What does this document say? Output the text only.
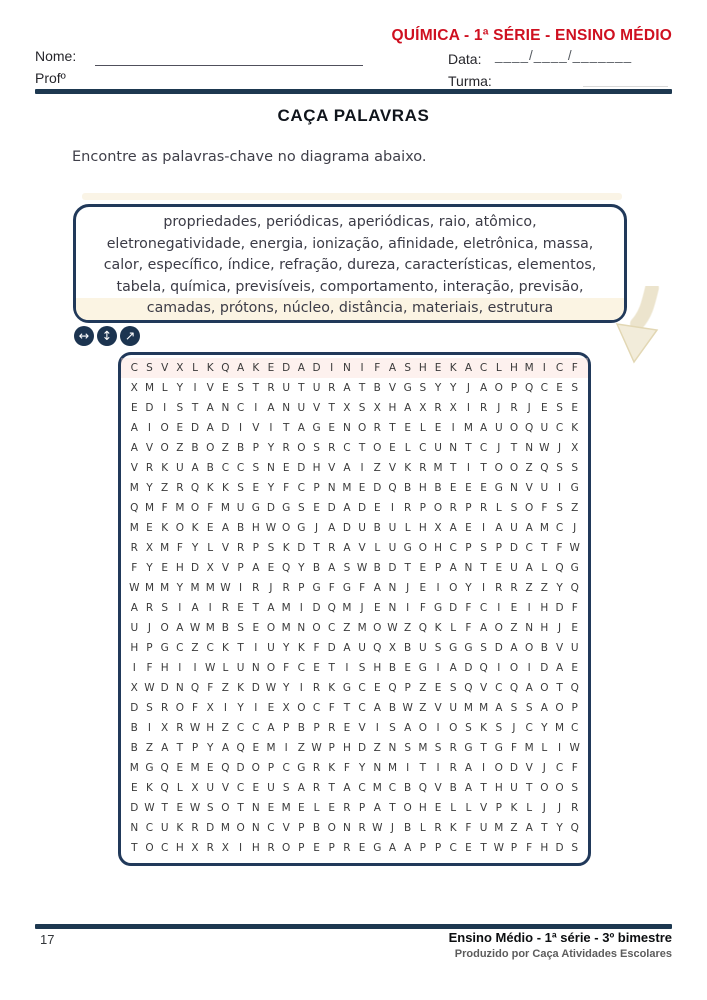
Nome:
Profº
QUÍMICA - 1ª SÉRIE - ENSINO MÉDIO
Data: ____/____/_______
Turma:
CAÇA PALAVRAS
Encontre as palavras-chave no diagrama abaixo.
propriedades, periódicas, aperiódicas, raio, atômico,
eletronegatividade, energia, ionização, afinidade, eletrônica, massa,
calor, específico, índice, refração, dureza, características, elementos,
tabela, química, previsíveis, comportamento, interação, previsão,
camadas, prótons, núcleo, distância, materiais, estrutura
↔	↕	↗
C S V X L K Q A K E D A D I N I	F A S H E K A C L H M I C F
X M L Y I V E S T R U T U R A T B V G S Y Y J A O P Q C E S
E D I S T A N C I A N U V T X S X H A X R X I R J R J E S E
A I O E D A D I V I T A G E N O R T E L E I M A U O Q U C K
A V O Z B O Z B P Y R O S R C T O E L C U N T C J T N W J X
V R K U A B C C S N E D H V A I Z V K R M T I T O O Z Q S S
M Y Z R Q K K S E Y F C P N M E D Q B H B E E E G N V U I G
Q M F M O F M U G D G S E D A D E I R P O R P R L S O F S Z
M E K O K E A B H W O G J A D U B U L H X A E I A U A M C J
R X M F Y L V R P S K D T R A V L U G O H C P S P D C T F W
F Y E H D X V P A E Q Y B A S W B D T E P A N T E U A L Q G
W M M Y M M W I R J R P G F G F A N J E I O Y I R R Z Z Y Q
A R S I A I R E T A M I D Q M J E N I	F G D F C I E I H D F
U J O A W M B S E O M N O C Z M O W Z Q K L F A O Z N H J E
H P G C Z C K T I U Y K F D A U Q X B U S G G S D A O B V U
I	F H I	I W L U N O F C E T I S H B E G I A D Q I O I D A E
X W D N Q F Z K D W Y I R K G C E Q P Z E S Q V C Q A O T Q
D S R O F X I Y I E X O C F T C A B W Z V U M M A S S A O P
B I X R W H Z C C A P B P R E V I S A O I O S K S J C Y M C
B Z A T P Y A Q E M I Z W P H D Z N S M S R G T G F M L	I W
M G Q E M E Q D O P C G R K F Y N M I T I R A I O D V J C F
E K Q L X U V C E U S A R T A C M C B Q V B A T H U T O O S
D W T E W S O T N E M E L E R P A T O H E L L V P K L	J	J R
N C U K R D M O N C V P B O N R W J B L R K F U M Z A T Y Q
T O C H X R X I H R O P E P R E G A A P P C E T W P F H D S
17	Ensino Médio - 1ª série - 3º bimestre
Produzido por Caça Atividades Escolares
